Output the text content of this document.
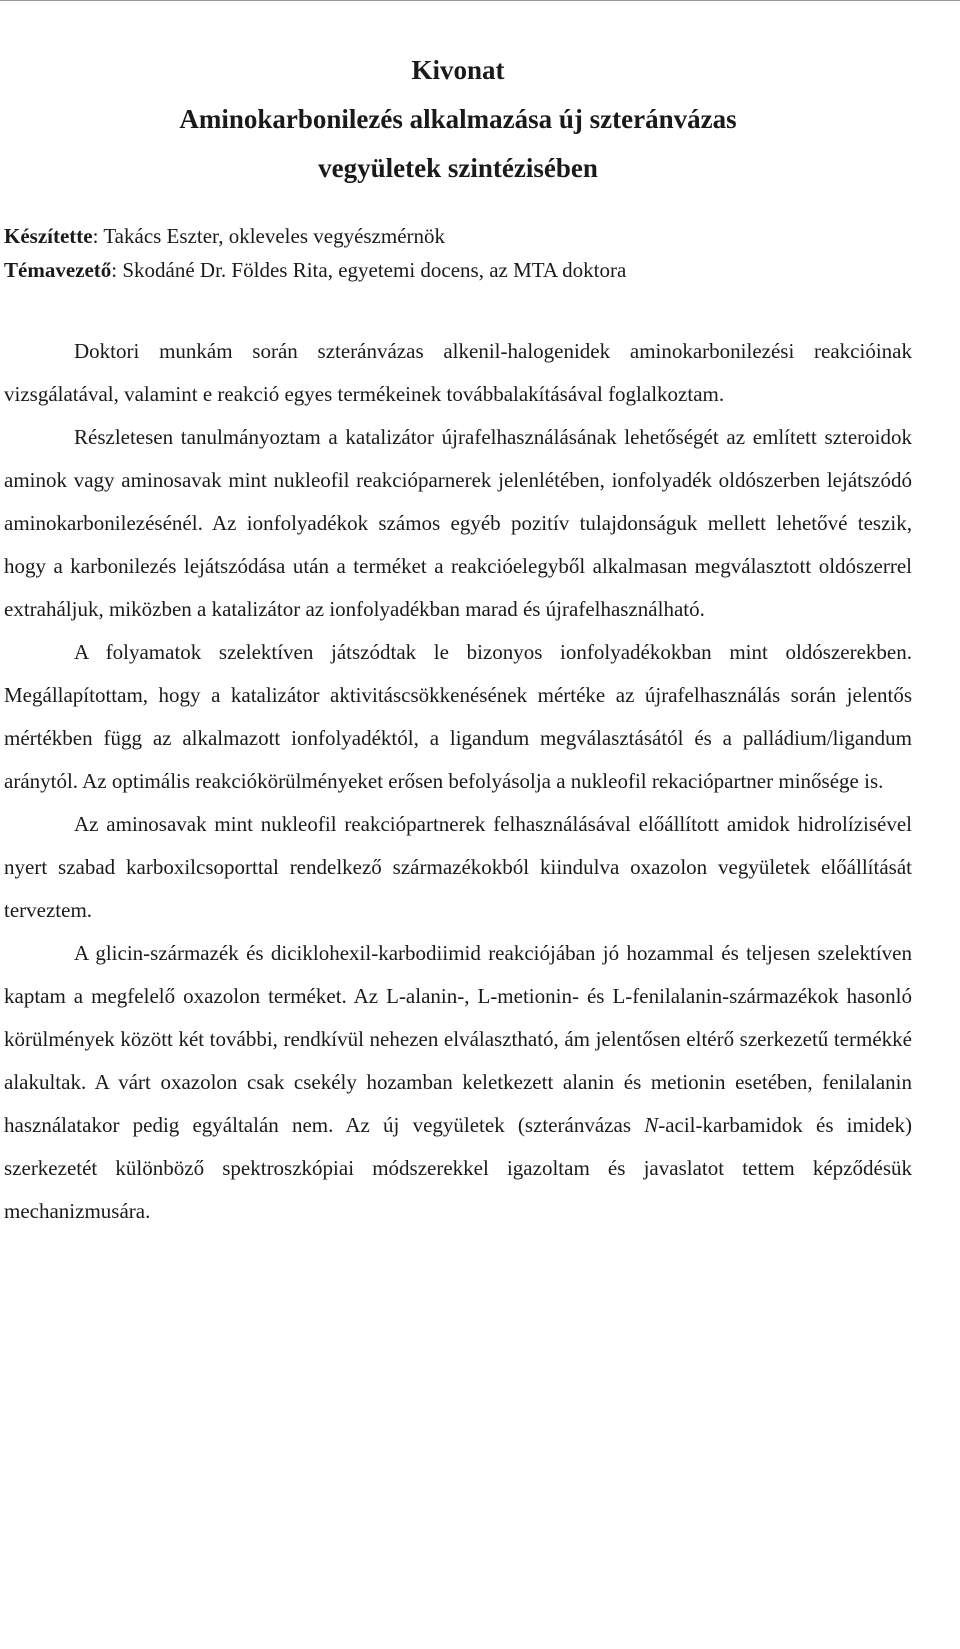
Kivonat
Aminokarbonilezés alkalmazása új szteránvázas
vegyületek szintézisében
Készítette: Takács Eszter, okleveles vegyészmérnök
Témavezető: Skodáné Dr. Földes Rita, egyetemi docens, az MTA doktora

Doktori munkám során szteránvázas alkenil-halogenidek aminokarbonilezési reakcióinak vizsgálatával, valamint e reakció egyes termékeinek továbbalakításával foglalkoztam.

Részletesen tanulmányoztam a katalizátor újrafelhasználásának lehetőségét az említett szteroidok aminok vagy aminosavak mint nukleofil reakcióparnerek jelenlétében, ionfolyadék oldószerben lejátszódó aminokarbonilezésénél. Az ionfolyadékok számos egyéb pozitív tulajdonságuk mellett lehetővé teszik, hogy a karbonilezés lejátszódása után a terméket a reakcióelegyből alkalmasan megválasztott oldószerrel extraháljuk, miközben a katalizátor az ionfolyadékban marad és újrafelhasználható.

A folyamatok szelektíven játszódtak le bizonyos ionfolyadékokban mint oldószerekben. Megállapítottam, hogy a katalizátor aktivitáscsökkenésének mértéke az újrafelhasználás során jelentős mértékben függ az alkalmazott ionfolyadéktól, a ligandum megválasztásától és a palládium/ligandum aránytól. Az optimális reakciókörülményeket erősen befolyásolja a nukleofil rekaciópartner minősége is.

Az aminosavak mint nukleofil reakciópartnerek felhasználásával előállított amidok hidrolízisével nyert szabad karboxilcsoporttal rendelkező származékokból kiindulva oxazolon vegyületek előállítását terveztem.

A glicin-származék és diciklohexil-karbodiimid reakciójában jó hozammal és teljesen szelektíven kaptam a megfelelő oxazolon terméket. Az L-alanin-, L-metionin- és L-fenilalanin-származékok hasonló körülmények között két további, rendkívül nehezen elválasztható, ám jelentősen eltérő szerkezetű termékké alakultak. A várt oxazolon csak csekély hozamban keletkezett alanin és metionin esetében, fenilalanin használatakor pedig egyáltalán nem. Az új vegyületek (szteránvázas N-acil-karbamidok és imidek) szerkezetét különböző spektroszkópiai módszerekkel igazoltam és javaslatot tettem képződésük mechanizmusára.
